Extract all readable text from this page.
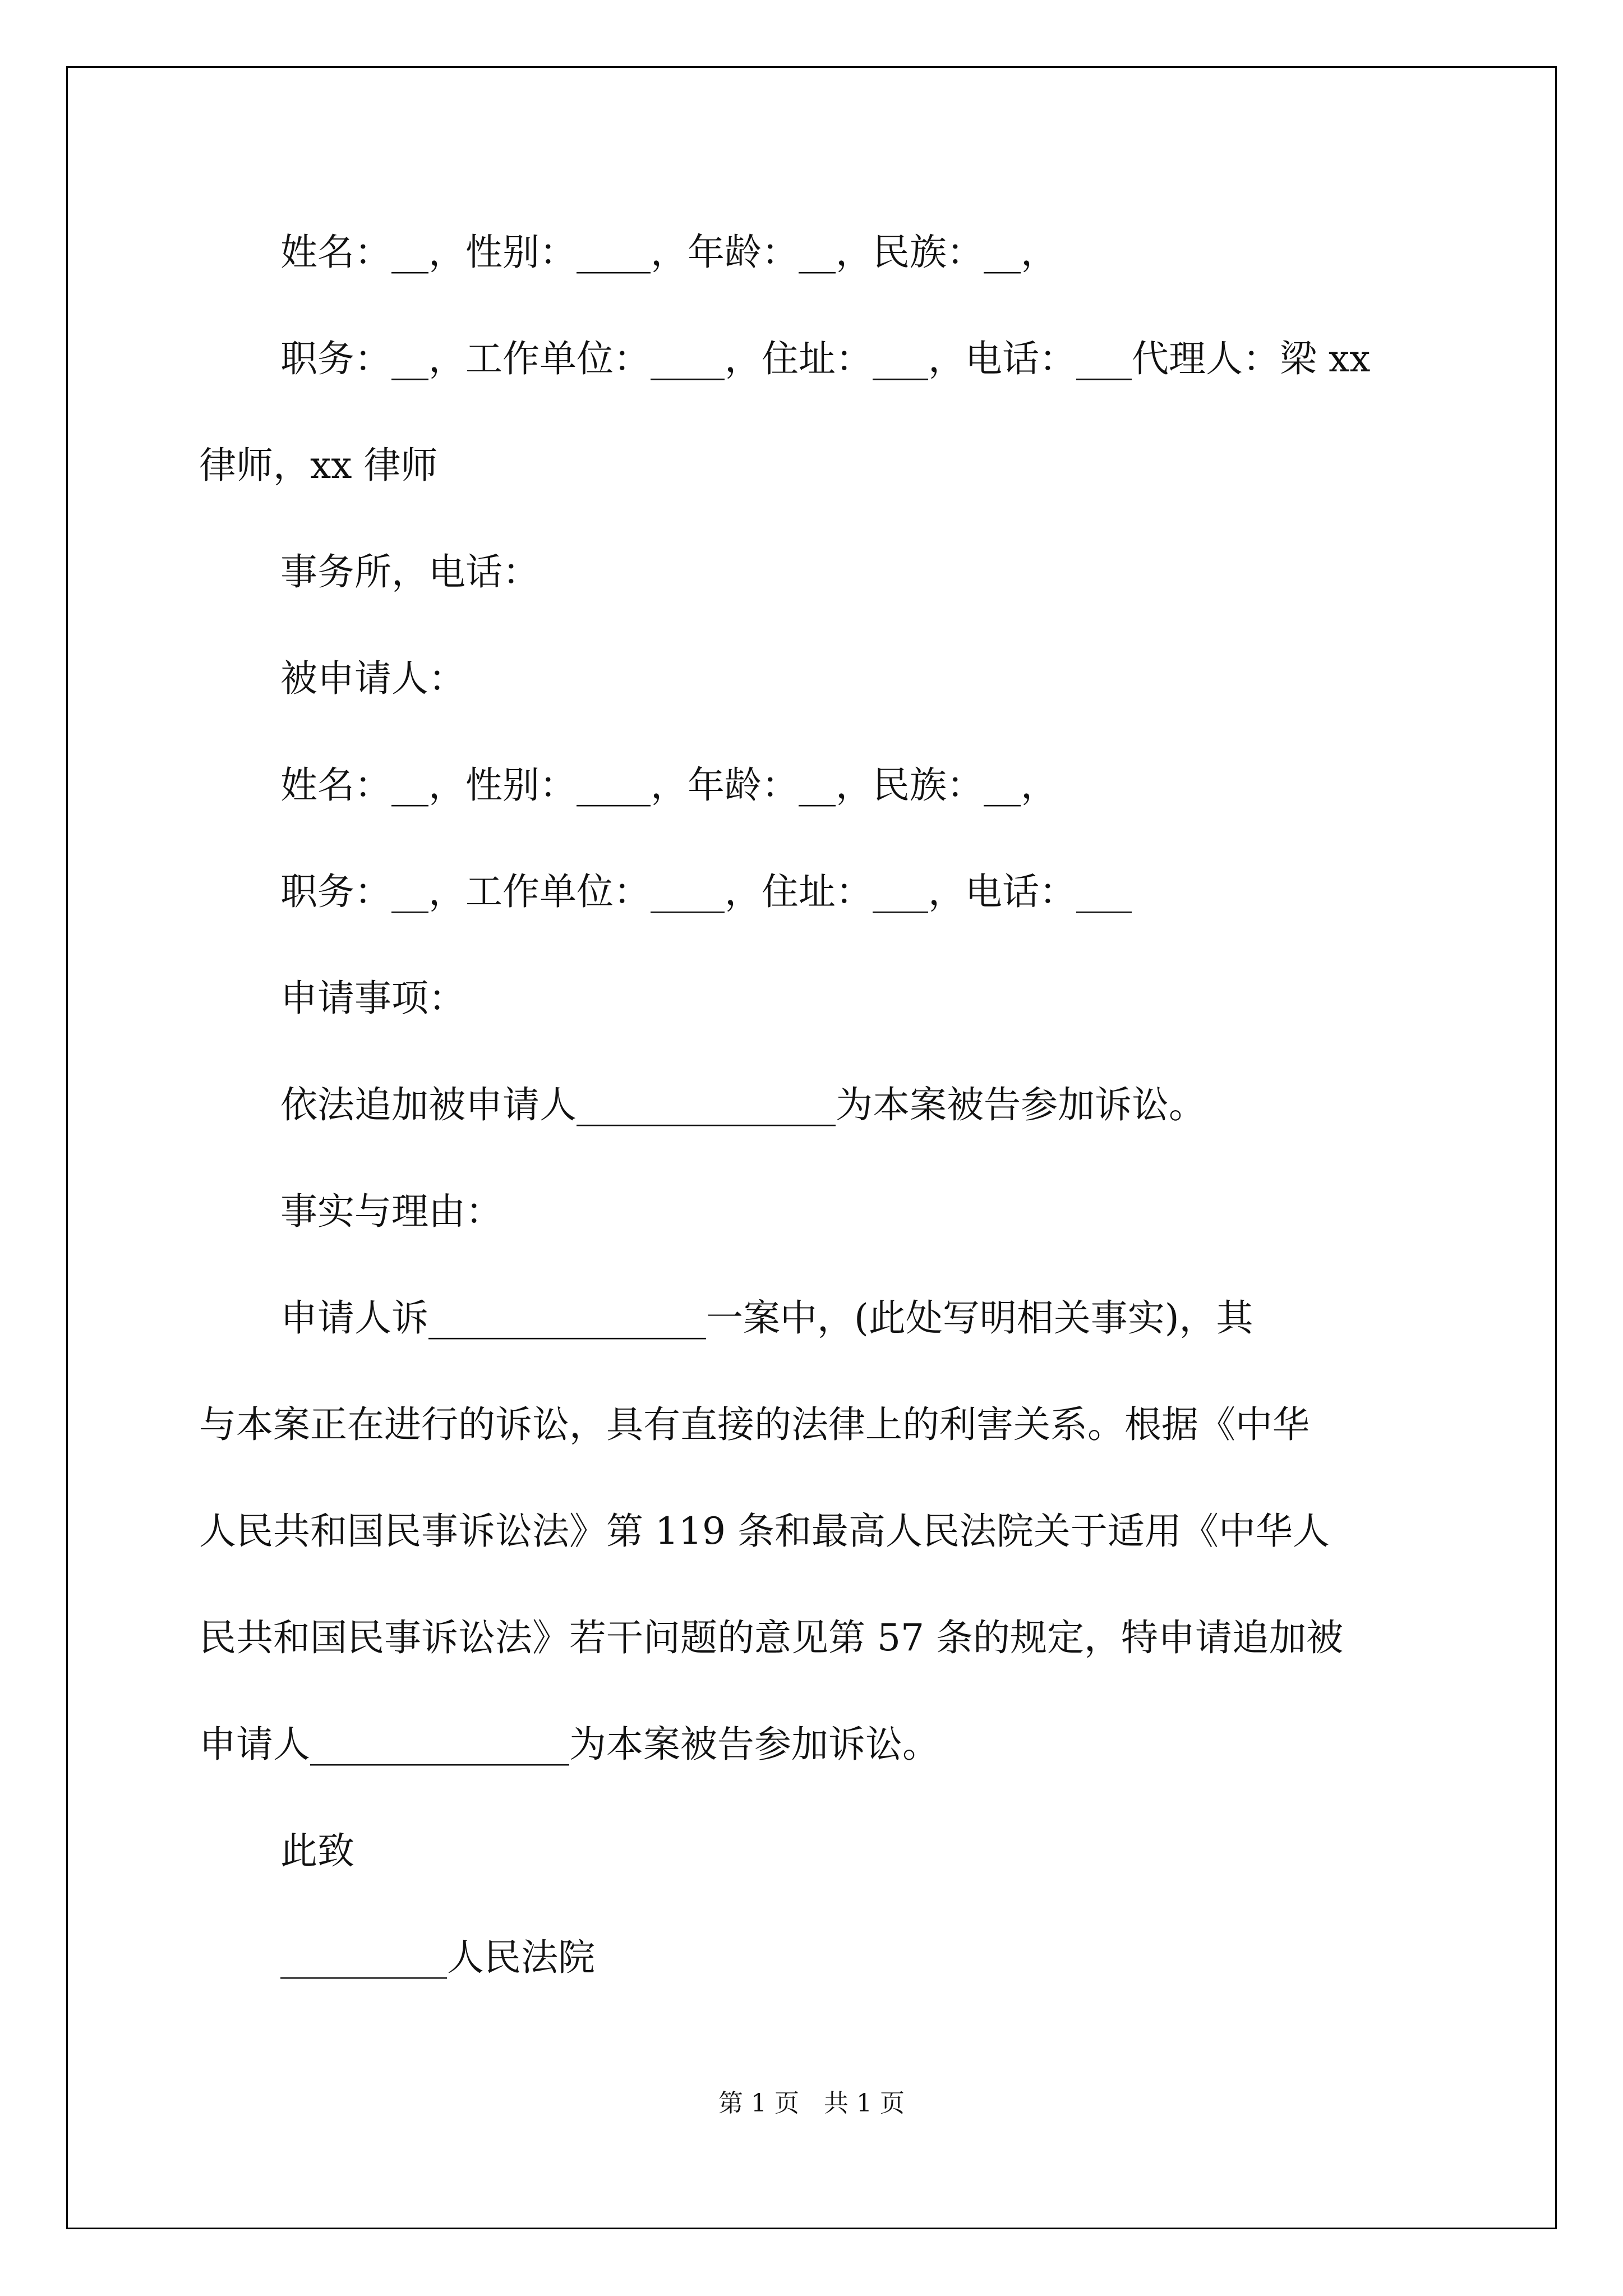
姓名：__，性别：____，年龄：__，民族：__，

职务：__，工作单位：____，住址：___，电话：___代理人：梁 xx

律师，xx 律师

事务所，电话：

被申请人：

姓名：__，性别：____，年龄：__，民族：__，

职务：__，工作单位：____，住址：___，电话：___

申请事项：

依法追加被申请人______________为本案被告参加诉讼。

事实与理由：

申请人诉_______________一案中，(此处写明相关事实)，其

与本案正在进行的诉讼，具有直接的法律上的利害关系。根据《中华

人民共和国民事诉讼法》第 119 条和最高人民法院关于适用《中华人

民共和国民事诉讼法》若干问题的意见第 57 条的规定，特申请追加被

申请人______________为本案被告参加诉讼。

此致

_________人民法院

第 1 页　共 1 页
